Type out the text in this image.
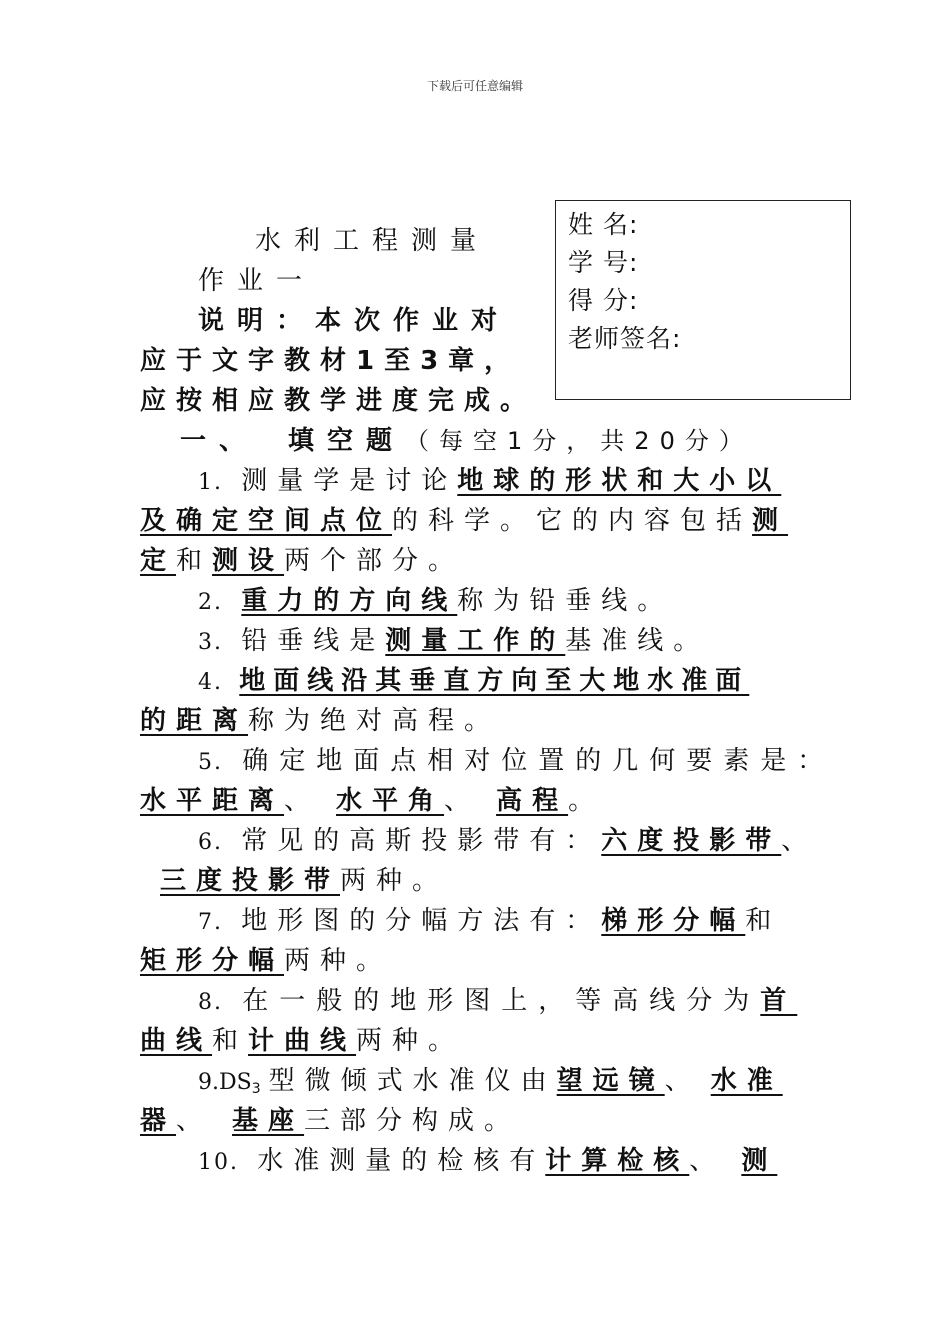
下载后可任意编辑
姓 名:
学 号:
得 分:
老师签名:
水利工程测量
作业一
说明：本次作业对
应于文字教材1至3章，
应按相应教学进度完成。
一、 填空题（每空1分，共20分）
1. 测量学是讨论地球的形状和大小以
及确定空间点位的科学。它的内容包括测
定和测设两个部分。
2. 重力的方向线称为铅垂线。
3. 铅垂线是测量工作的基准线。
4. 地面线沿其垂直方向至大地水准面
的距离称为绝对高程。
5. 确定地面点相对位置的几何要素是：
水平距离、 水平角、 高程。
6. 常见的高斯投影带有：六度投影带、
三度投影带两种。
7. 地形图的分幅方法有：梯形分幅和
矩形分幅两种。
8. 在一般的地形图上，等高线分为首
曲线和计曲线两种。
$9.DS_3$型微倾式水准仪由望远镜、 水准
器、 基座三部分构成。
10. 水准测量的检核有计算检核、 测
